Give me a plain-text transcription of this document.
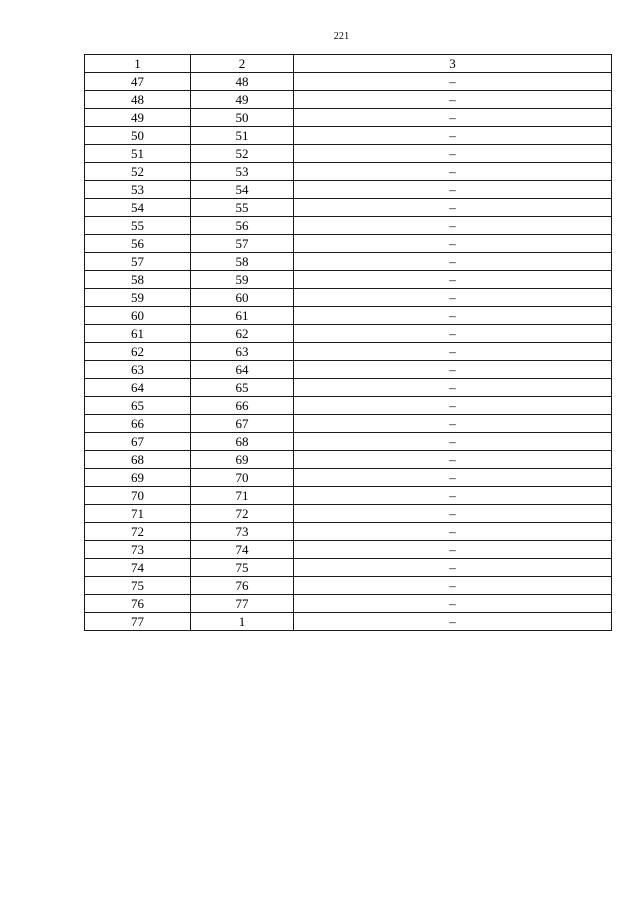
221
1	2	3
47	48	–
48	49	–
49	50	–
50	51	–
51	52	–
52	53	–
53	54	–
54	55	–
55	56	–
56	57	–
57	58	–
58	59	–
59	60	–
60	61	–
61	62	–
62	63	–
63	64	–
64	65	–
65	66	–
66	67	–
67	68	–
68	69	–
69	70	–
70	71	–
71	72	–
72	73	–
73	74	–
74	75	–
75	76	–
76	77	–
77	1	–
